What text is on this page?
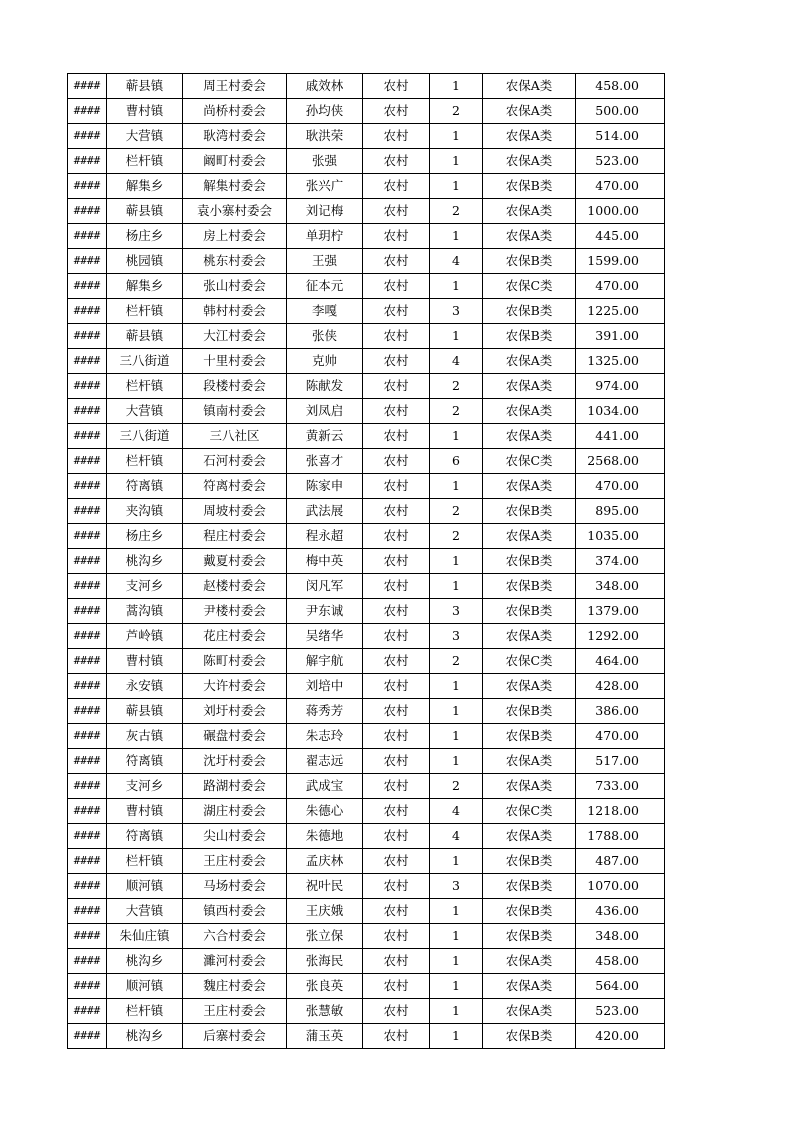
####	蕲县镇	周王村委会	戚效林	农村	1	农保A类	458.00
####	曹村镇	尚桥村委会	孙均侠	农村	2	农保A类	500.00
####	大营镇	耿湾村委会	耿洪荣	农村	1	农保A类	514.00
####	栏杆镇	阚町村委会	张强	农村	1	农保A类	523.00
####	解集乡	解集村委会	张兴广	农村	1	农保B类	470.00
####	蕲县镇	袁小寨村委会	刘记梅	农村	2	农保A类	1000.00
####	杨庄乡	房上村委会	单玥柠	农村	1	农保A类	445.00
####	桃园镇	桃东村委会	王强	农村	4	农保B类	1599.00
####	解集乡	张山村委会	征本元	农村	1	农保C类	470.00
####	栏杆镇	韩村村委会	李嘎	农村	3	农保B类	1225.00
####	蕲县镇	大江村委会	张侠	农村	1	农保B类	391.00
####	三八街道	十里村委会	克帅	农村	4	农保A类	1325.00
####	栏杆镇	段楼村委会	陈献发	农村	2	农保A类	974.00
####	大营镇	镇南村委会	刘凤启	农村	2	农保A类	1034.00
####	三八街道	三八社区	黄新云	农村	1	农保A类	441.00
####	栏杆镇	石河村委会	张喜才	农村	6	农保C类	2568.00
####	符离镇	符离村委会	陈家申	农村	1	农保A类	470.00
####	夹沟镇	周坡村委会	武法展	农村	2	农保B类	895.00
####	杨庄乡	程庄村委会	程永超	农村	2	农保A类	1035.00
####	桃沟乡	戴夏村委会	梅中英	农村	1	农保B类	374.00
####	支河乡	赵楼村委会	闵凡军	农村	1	农保B类	348.00
####	蒿沟镇	尹楼村委会	尹东诚	农村	3	农保B类	1379.00
####	芦岭镇	花庄村委会	吴绪华	农村	3	农保A类	1292.00
####	曹村镇	陈町村委会	解宇航	农村	2	农保C类	464.00
####	永安镇	大许村委会	刘培中	农村	1	农保A类	428.00
####	蕲县镇	刘圩村委会	蒋秀芳	农村	1	农保B类	386.00
####	灰古镇	碾盘村委会	朱志玲	农村	1	农保B类	470.00
####	符离镇	沈圩村委会	翟志远	农村	1	农保A类	517.00
####	支河乡	路湖村委会	武成宝	农村	2	农保A类	733.00
####	曹村镇	湖庄村委会	朱德心	农村	4	农保C类	1218.00
####	符离镇	尖山村委会	朱德地	农村	4	农保A类	1788.00
####	栏杆镇	王庄村委会	孟庆林	农村	1	农保B类	487.00
####	顺河镇	马场村委会	祝叶民	农村	3	农保B类	1070.00
####	大营镇	镇西村委会	王庆娥	农村	1	农保B类	436.00
####	朱仙庄镇	六合村委会	张立保	农村	1	农保B类	348.00
####	桃沟乡	濉河村委会	张海民	农村	1	农保A类	458.00
####	顺河镇	魏庄村委会	张良英	农村	1	农保A类	564.00
####	栏杆镇	王庄村委会	张慧敏	农村	1	农保A类	523.00
####	桃沟乡	后寨村委会	蒲玉英	农村	1	农保B类	420.00
